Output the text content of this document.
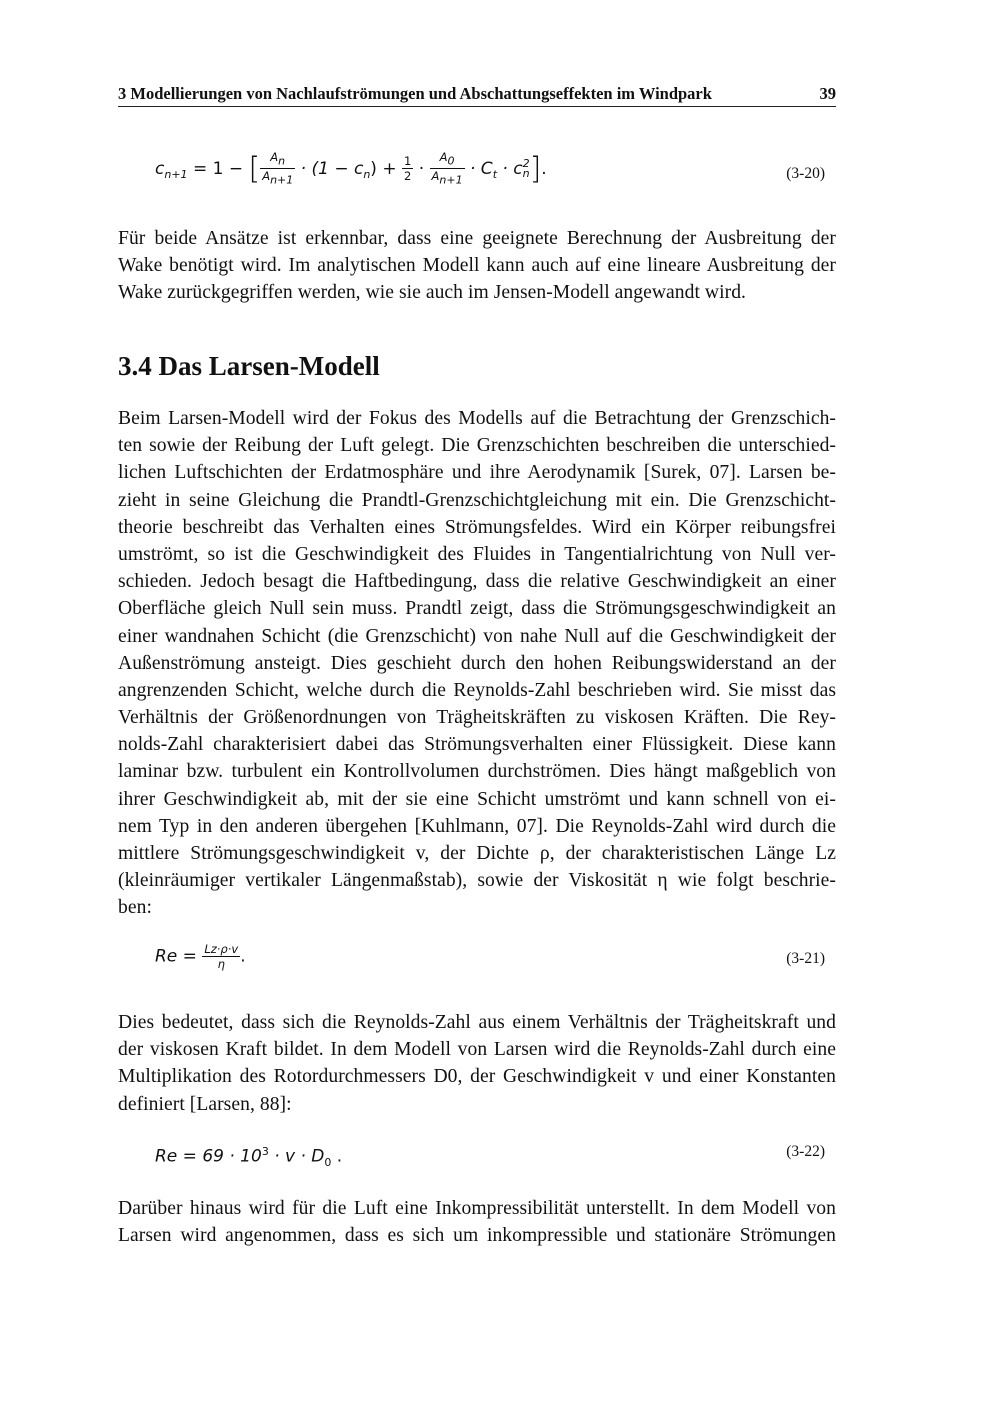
3 Modellierungen von Nachlaufströmungen und Abschattungseffekten im Windpark	39
$c_{n+1} = 1$ − [ $\frac{A_n}{A_{n+1}} \cdot (1 - c_n) + \frac{1}{2} \cdot \frac{A_0}{A_{n+1}} \cdot C_t \cdot c$ 2
n ].	(3-20)
Für beide Ansätze ist erkennbar, dass eine geeignete Berechnung der Ausbreitung der
Wake benötigt wird. Im analytischen Modell kann auch auf eine lineare Ausbreitung der
Wake zurückgegriffen werden, wie sie auch im Jensen-Modell angewandt wird.
3.4 Das Larsen-Modell
Beim Larsen-Modell wird der Fokus des Modells auf die Betrachtung der Grenzschich-
ten sowie der Reibung der Luft gelegt. Die Grenzschichten beschreiben die unterschied-
lichen Luftschichten der Erdatmosphäre und ihre Aerodynamik [Surek, 07]. Larsen be-
zieht in seine Gleichung die Prandtl-Grenzschichtgleichung mit ein. Die Grenzschicht-
theorie beschreibt das Verhalten eines Strömungsfeldes. Wird ein Körper reibungsfrei
umströmt, so ist die Geschwindigkeit des Fluides in Tangentialrichtung von Null ver-
schieden. Jedoch besagt die Haftbedingung, dass die relative Geschwindigkeit an einer
Oberfläche gleich Null sein muss. Prandtl zeigt, dass die Strömungsgeschwindigkeit an
einer wandnahen Schicht (die Grenzschicht) von nahe Null auf die Geschwindigkeit der
Außenströmung ansteigt. Dies geschieht durch den hohen Reibungswiderstand an der
angrenzenden Schicht, welche durch die Reynolds-Zahl beschrieben wird. Sie misst das
Verhältnis der Größenordnungen von Trägheitskräften zu viskosen Kräften. Die Rey-
nolds-Zahl charakterisiert dabei das Strömungsverhalten einer Flüssigkeit. Diese kann
laminar bzw. turbulent ein Kontrollvolumen durchströmen. Dies hängt maßgeblich von
ihrer Geschwindigkeit ab, mit der sie eine Schicht umströmt und kann schnell von ei-
nem Typ in den anderen übergehen [Kuhlmann, 07]. Die Reynolds-Zahl wird durch die
mittlere Strömungsgeschwindigkeit v, der Dichte ρ, der charakteristischen Länge Lz
(kleinräumiger vertikaler Längenmaßstab), sowie der Viskosität η wie folgt beschrie-
ben:
$Re = \frac{Lz\cdot\rho\cdot v}{\eta}$ .	(3-21)
Dies bedeutet, dass sich die Reynolds-Zahl aus einem Verhältnis der Trägheitskraft und
der viskosen Kraft bildet. In dem Modell von Larsen wird die Reynolds-Zahl durch eine
Multiplikation des Rotordurchmessers D0, der Geschwindigkeit v und einer Konstanten
definiert [Larsen, 88]:
$Re = 69 \cdot 10^3 \cdot v \cdot D_0$ .	(3-22)
Darüber hinaus wird für die Luft eine Inkompressibilität unterstellt. In dem Modell von
Larsen wird angenommen, dass es sich um inkompressible und stationäre Strömungen
